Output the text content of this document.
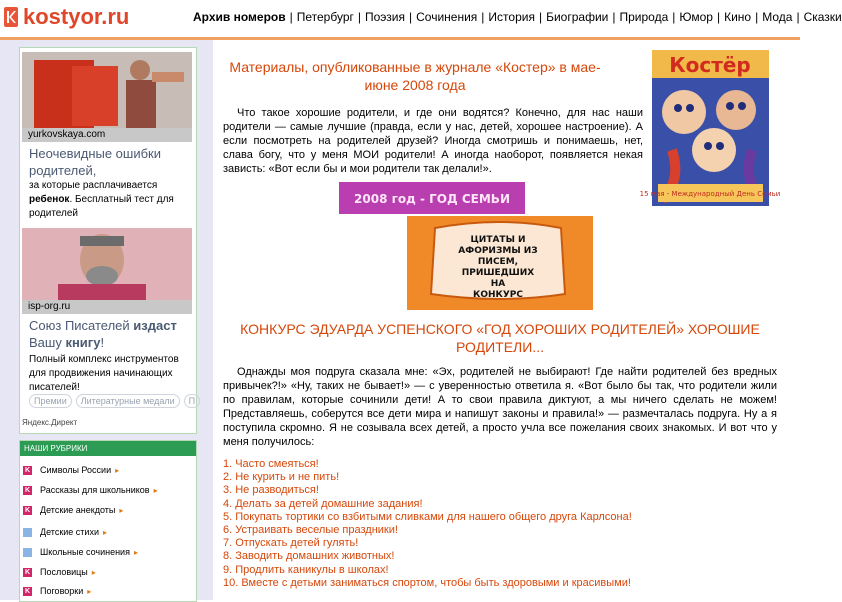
kostyor.ru	Архив номеров | Петербург | Поэзия | Сочинения | История | Биографии | Природа | Юмор | Кино | Мода | Сказки
yurkovskaya.com
Неочевидные ошибки родителей,
за которые расплачивается ребенок. Бесплатный тест для родителей
isp-org.ru
Союз Писателей издаст
Вашу книгу!
Полный комплекс инструментов для продвижения начинающих писателей!
Премии	Литературные медали	П
Яндекс.Директ
НАШИ РУБРИКИ
K Символы России ▸
K Рассказы для школьников ▸
K Детские анекдоты ▸
Детские стихи ▸
Школьные сочинения ▸
K Пословицы ▸
K Поговорки ▸
Материалы, опубликованные в журнале «Костер» в мае-июне 2008 года
Что такое хорошие родители, и где они водятся? Конечно, для нас наши родители — самые лучшие (правда, если у нас, детей, хорошее настроение). А если посмотреть на родителей друзей? Иногда смотришь и понимаешь, нет, слава богу, что у меня МОИ родители! А иногда наоборот, появляется некая зависть: «Вот если бы и мои родители так делали!».
Костёр
15 мая - Международный День Семьи
2008 год - ГОД СЕМЬИ
ЦИТАТЫ И
АФОРИЗМЫ ИЗ
ПИСЕМ,
ПРИШЕДШИХ
НА
КОНКУРС
КОНКУРС ЭДУАРДА УСПЕНСКОГО «ГОД ХОРОШИХ РОДИТЕЛЕЙ» ХОРОШИЕ РОДИТЕЛИ...
Однажды моя подруга сказала мне: «Эх, родителей не выбирают! Где найти родителей без вредных привычек?!» «Ну, таких не бывает!» — с уверенностью ответила я. «Вот было бы так, что родители жили по правилам, которые сочинили дети! А то свои правила диктуют, а мы ничего сделать не можем! Представляешь, соберутся все дети мира и напишут законы и правила!» — размечталась подруга. Ну а я поступила скромно. Я не созывала всех детей, а просто учла все пожелания своих знакомых. И вот что у меня получилось:
1. Часто смеяться!
2. Не курить и не пить!
3. Не разводиться!
4. Делать за детей домашние задания!
5. Покупать тортики со взбитыми сливками для нашего общего друга Карлсона!
6. Устраивать веселые праздники!
7. Отпускать детей гулять!
8. Заводить домашних животных!
9. Продлить каникулы в школах!
10. Вместе с детьми заниматься спортом, чтобы быть здоровыми и красивыми!
